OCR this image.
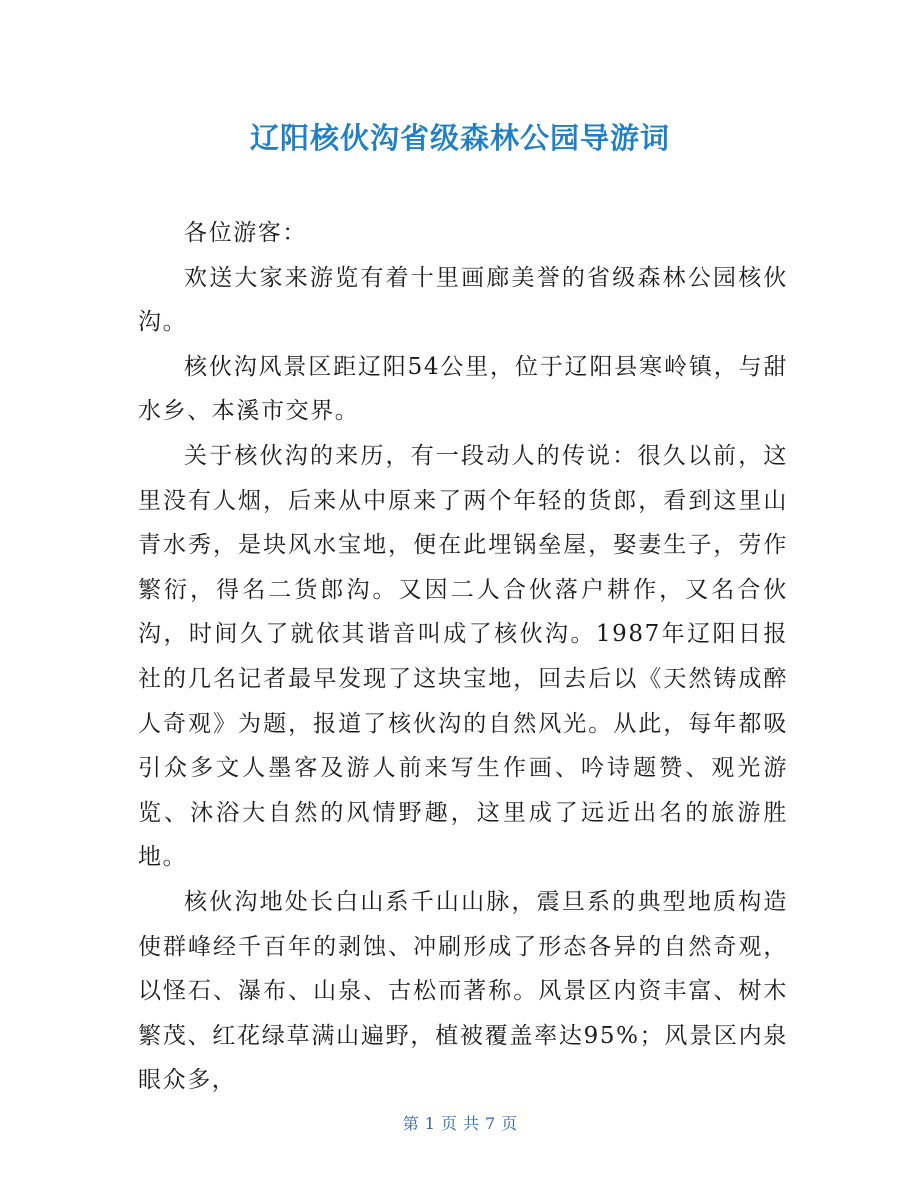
辽阳核伙沟省级森林公园导游词

各位游客：

欢送大家来游览有着十里画廊美誉的省级森林公园核伙沟。

核伙沟风景区距辽阳54公里，位于辽阳县寒岭镇，与甜水乡、本溪市交界。

关于核伙沟的来历，有一段动人的传说：很久以前，这里没有人烟，后来从中原来了两个年轻的货郎，看到这里山青水秀，是块风水宝地，便在此埋锅垒屋，娶妻生子，劳作繁衍，得名二货郎沟。又因二人合伙落户耕作，又名合伙沟，时间久了就依其谐音叫成了核伙沟。1987年辽阳日报社的几名记者最早发现了这块宝地，回去后以《天然铸成醉人奇观》为题，报道了核伙沟的自然风光。从此，每年都吸引众多文人墨客及游人前来写生作画、吟诗题赞、观光游览、沐浴大自然的风情野趣，这里成了远近出名的旅游胜地。

核伙沟地处长白山系千山山脉，震旦系的典型地质构造使群峰经千百年的剥蚀、冲刷形成了形态各异的自然奇观，以怪石、瀑布、山泉、古松而著称。风景区内资丰富、树木繁茂、红花绿草满山遍野，植被覆盖率达95%；风景区内泉眼众多，

第 1 页 共 7 页
